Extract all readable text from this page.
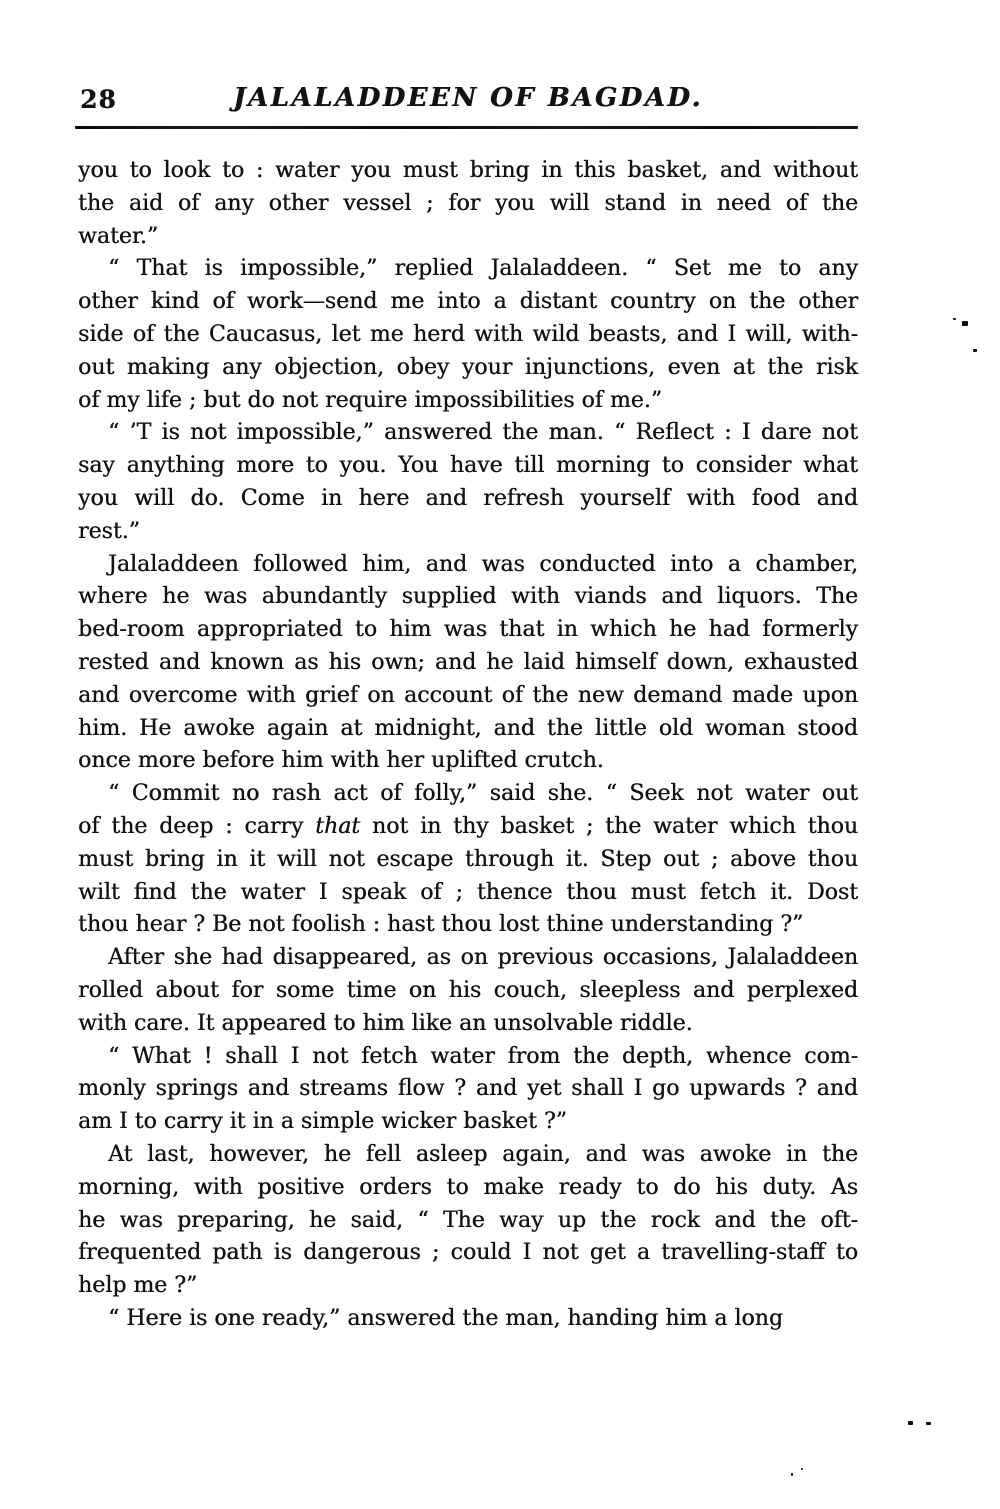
28	JALALADDEEN OF BAGDAD.
you to look to : water you must bring in this basket, and without
the aid of any other vessel ; for you will stand in need of the
water.”
“ That is impossible,” replied Jalaladdeen. “ Set me to any
other kind of work—send me into a distant country on the other
side of the Caucasus, let me herd with wild beasts, and I will, with-
out making any objection, obey your injunctions, even at the risk
of my life ; but do not require impossibilities of me.”
“ ’T is not impossible,” answered the man. “ Reflect : I dare not
say anything more to you. You have till morning to consider what
you will do. Come in here and refresh yourself with food and
rest.”
Jalaladdeen followed him, and was conducted into a chamber,
where he was abundantly supplied with viands and liquors. The
bed-room appropriated to him was that in which he had formerly
rested and known as his own; and he laid himself down, exhausted
and overcome with grief on account of the new demand made upon
him. He awoke again at midnight, and the little old woman stood
once more before him with her uplifted crutch.
“ Commit no rash act of folly,” said she. “ Seek not water out
of the deep : carry that not in thy basket ; the water which thou
must bring in it will not escape through it. Step out ; above thou
wilt find the water I speak of ; thence thou must fetch it. Dost
thou hear ? Be not foolish : hast thou lost thine understanding ?”
After she had disappeared, as on previous occasions, Jalaladdeen
rolled about for some time on his couch, sleepless and perplexed
with care. It appeared to him like an unsolvable riddle.
“ What ! shall I not fetch water from the depth, whence com-
monly springs and streams flow ? and yet shall I go upwards ? and
am I to carry it in a simple wicker basket ?”
At last, however, he fell asleep again, and was awoke in the
morning, with positive orders to make ready to do his duty. As
he was preparing, he said, “ The way up the rock and the oft-
frequented path is dangerous ; could I not get a travelling-staff to
help me ?”
“ Here is one ready,” answered the man, handing him a long
